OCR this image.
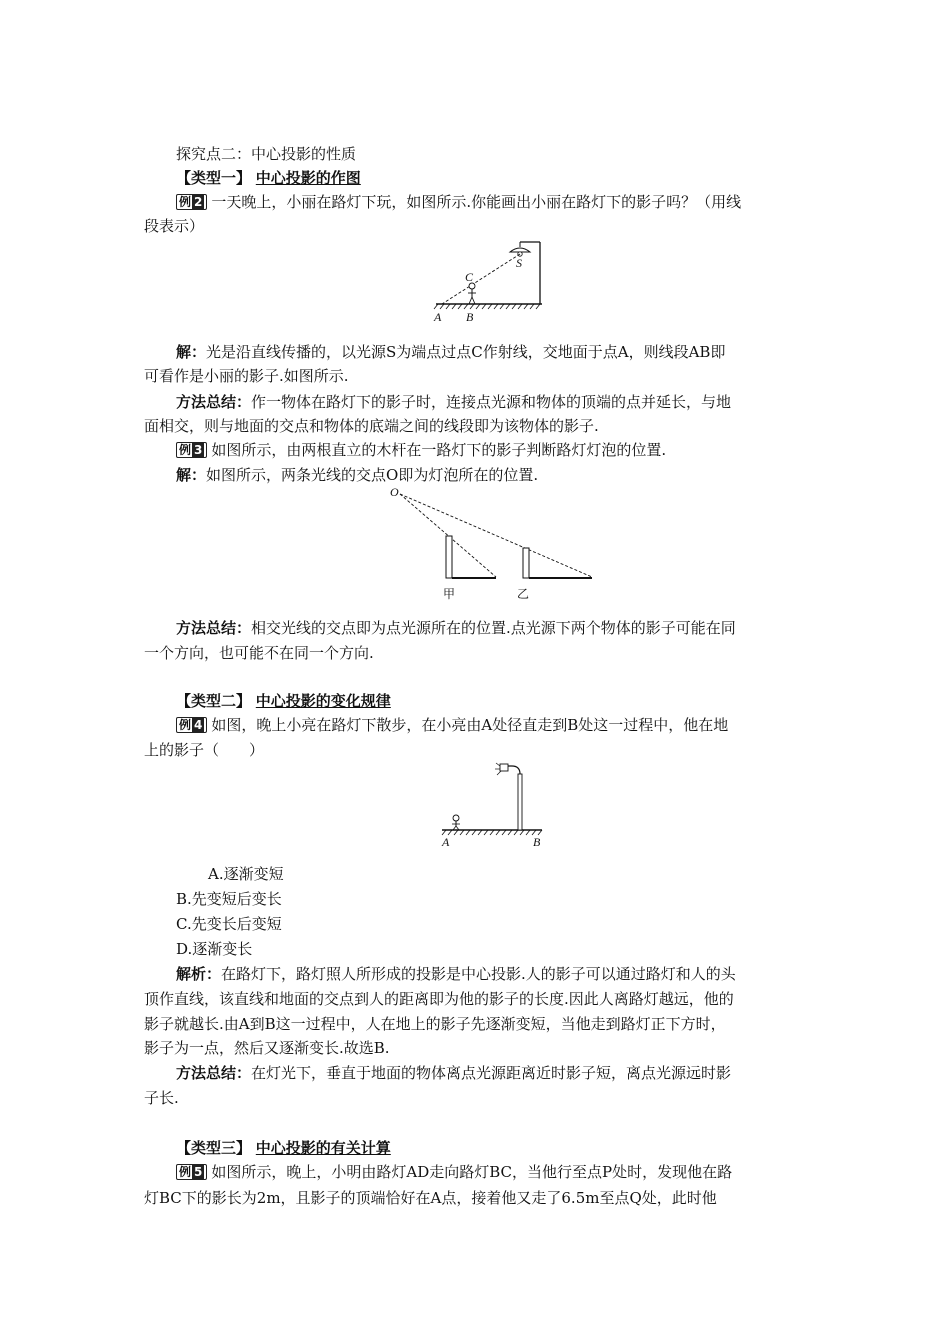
探究点二：中心投影的性质
【类型一】 中心投影的作图
例 2 一天晚上，小丽在路灯下玩，如图所示.你能画出小丽在路灯下的影子吗？（用线
段表示）
S
C
A B
解：光是沿直线传播的，以光源S为端点过点C作射线，交地面于点A，则线段AB即
可看作是小丽的影子.如图所示.
方法总结：作一物体在路灯下的影子时，连接点光源和物体的顶端的点并延长，与地
面相交，则与地面的交点和物体的底端之间的线段即为该物体的影子.
例 3 如图所示，由两根直立的木杆在一路灯下的影子判断路灯灯泡的位置.
解：如图所示，两条光线的交点O即为灯泡所在的位置.
O
甲	乙
方法总结：相交光线的交点即为点光源所在的位置.点光源下两个物体的影子可能在同
一个方向，也可能不在同一个方向.
【类型二】 中心投影的变化规律
例 4 如图，晚上小亮在路灯下散步，在小亮由A处径直走到B处这一过程中，他在地
上的影子（　　）
A	B
A.逐渐变短
B.先变短后变长
C.先变长后变短
D.逐渐变长
解析：在路灯下，路灯照人所形成的投影是中心投影.人的影子可以通过路灯和人的头
顶作直线，该直线和地面的交点到人的距离即为他的影子的长度.因此人离路灯越远，他的
影子就越长.由A到B这一过程中，人在地上的影子先逐渐变短，当他走到路灯正下方时，
影子为一点，然后又逐渐变长.故选B.
方法总结：在灯光下，垂直于地面的物体离点光源距离近时影子短，离点光源远时影
子长.
【类型三】 中心投影的有关计算
例 5 如图所示，晚上，小明由路灯AD走向路灯BC，当他行至点P处时，发现他在路
灯BC下的影长为2m，且影子的顶端恰好在A点，接着他又走了6.5m至点Q处，此时他
